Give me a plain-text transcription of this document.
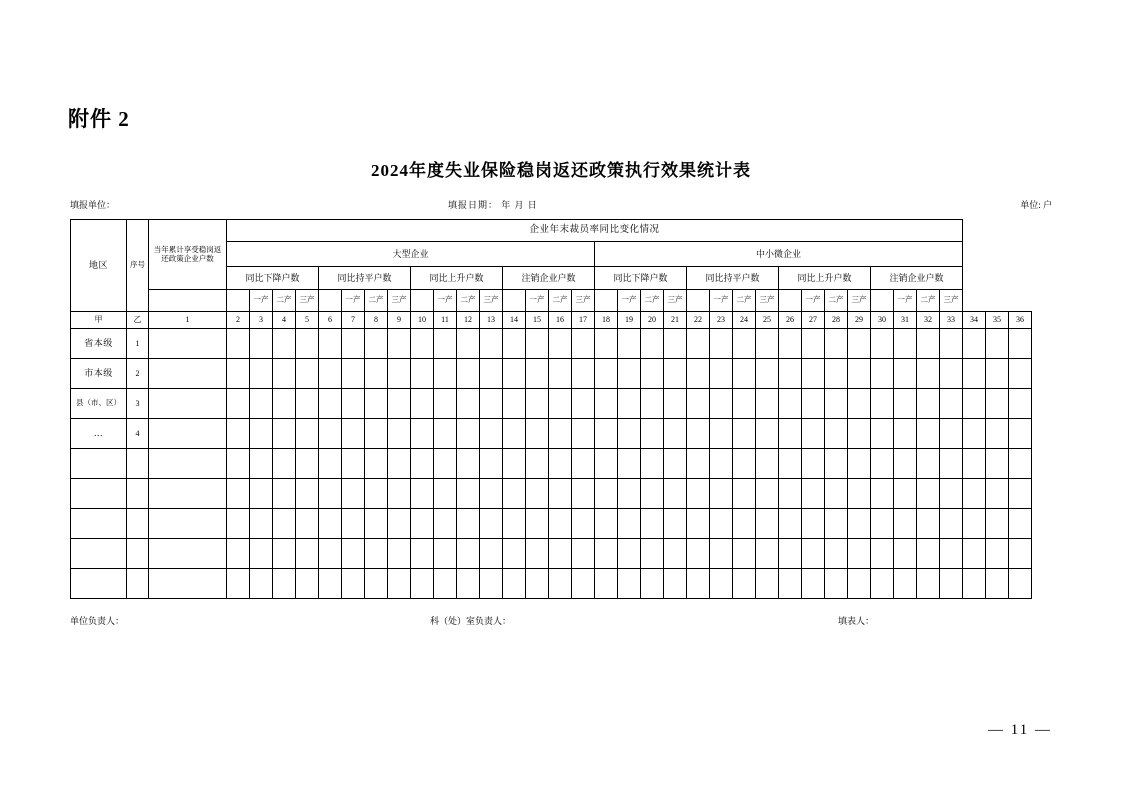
附件 2
2024年度失业保险稳岗返还政策执行效果统计表
填报单位：	填报日期： 年 月 日	单位: 户
地区	序号	当年累计享受稳岗返还政策企业户数	企业年末裁员率同比变化情况																																		
			大型企业																中小微企业																		
			同比下降户数				同比持平户数				同比上升户数				注销企业户数				同比下降户数				同比持平户数				同比上升户数				注销企业户数						
				一产	二产	三产		一产	二产	三产		一产	二产	三产		一产	二产	三产		一产	二产	三产		一产	二产	三产		一产	二产	三产		一产	二产	三产			
甲	乙	1	2	3	4	5	6	7	8	9	10	11	12	13	14	15	16	17	18	19	20	21	22	23	24	25	26	27	28	29	30	31	32	33	34	35	36
省本级	1																																				
市本级	2																																				
县（市、区）	3																																				
…	4																																				

单位负责人：	科（处）室负责人：	填表人：
— 11 —
